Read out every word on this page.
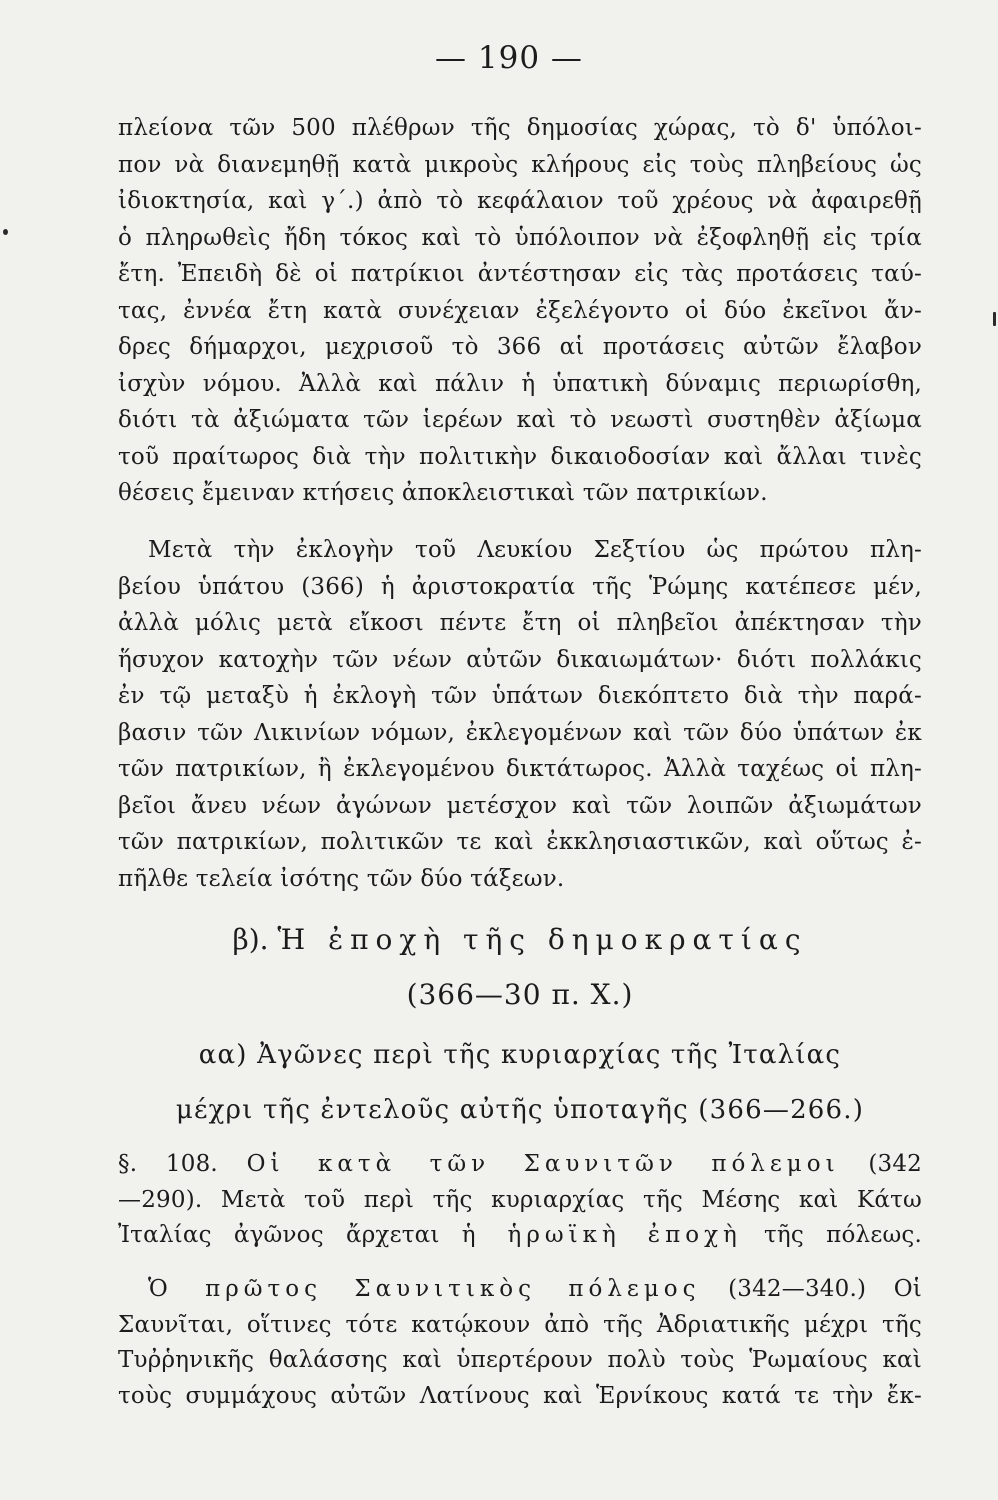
— 190 —
πλείονα τῶν 500 πλέθρων τῆς δημοσίας χώρας, τὸ δ' ὑπόλοι-
πον νὰ διανεμηθῇ κατὰ μικροὺς κλήρους εἰς τοὺς πληβείους ὡς
ἰδιοκτησία, καὶ γ΄.) ἀπὸ τὸ κεφάλαιον τοῦ χρέους νὰ ἀφαιρεθῇ
ὁ πληρωθεὶς ἤδη τόκος καὶ τὸ ὑπόλοιπον νὰ ἐξοφληθῇ εἰς τρία
ἔτη. Ἐπειδὴ δὲ οἱ πατρίκιοι ἀντέστησαν εἰς τὰς προτάσεις ταύ-
τας, ἐννέα ἔτη κατὰ συνέχειαν ἐξελέγοντο οἱ δύο ἐκεῖνοι ἄν-
δρες δήμαρχοι, μεχρισοῦ τὸ 366 αἱ προτάσεις αὐτῶν ἔλαβον
ἰσχὺν νόμου. Ἀλλὰ καὶ πάλιν ἡ ὑπατικὴ δύναμις περιωρίσθη,
διότι τὰ ἀξιώματα τῶν ἱερέων καὶ τὸ νεωστὶ συστηθὲν ἀξίωμα
τοῦ πραίτωρος διὰ τὴν πολιτικὴν δικαιοδοσίαν καὶ ἄλλαι τινὲς
θέσεις ἔμειναν κτήσεις ἀποκλειστικαὶ τῶν πατρικίων.
Μετὰ τὴν ἐκλογὴν τοῦ Λευκίου Σεξτίου ὡς πρώτου πλη-
βείου ὑπάτου (366) ἡ ἀριστοκρατία τῆς Ῥώμης κατέπεσε μέν,
ἀλλὰ μόλις μετὰ εἴκοσι πέντε ἔτη οἱ πληβεῖοι ἀπέκτησαν τὴν
ἥσυχον κατοχὴν τῶν νέων αὐτῶν δικαιωμάτων· διότι πολλάκις
ἐν τῷ μεταξὺ ἡ ἐκλογὴ τῶν ὑπάτων διεκόπτετο διὰ τὴν παρά-
βασιν τῶν Λικινίων νόμων, ἐκλεγομένων καὶ τῶν δύο ὑπάτων ἐκ
τῶν πατρικίων, ἢ ἐκλεγομένου δικτάτωρος. Ἀλλὰ ταχέως οἱ πλη-
βεῖοι ἄνευ νέων ἀγώνων μετέσχον καὶ τῶν λοιπῶν ἀξιωμάτων
τῶν πατρικίων, πολιτικῶν τε καὶ ἐκκλησιαστικῶν, καὶ οὕτως ἐ-
πῆλθε τελεία ἰσότης τῶν δύο τάξεων.
β). Ἡ ἐποχὴ τῆς δημοκρατίας
(366—30 π. Χ.)
αα) Ἀγῶνες περὶ τῆς κυριαρχίας τῆς Ἰταλίας
μέχρι τῆς ἐντελοῦς αὐτῆς ὑποταγῆς (366—266.)
§. 108. Οἱ κατὰ τῶν Σαυνιτῶν πόλεμοι (342
—290). Μετὰ τοῦ περὶ τῆς κυριαρχίας τῆς Μέσης καὶ Κάτω
Ἰταλίας ἀγῶνος ἄρχεται ἡ ἡρωϊκὴ ἐποχὴ τῆς πόλεως.
Ὁ πρῶτος Σαυνιτικὸς πόλεμος (342—340.) Οἱ
Σαυνῖται, οἵτινες τότε κατῴκουν ἀπὸ τῆς Ἀδριατικῆς μέχρι τῆς
Τυῤῥηνικῆς θαλάσσης καὶ ὑπερτέρουν πολὺ τοὺς Ῥωμαίους καὶ
τοὺς συμμάχους αὐτῶν Λατίνους καὶ Ἑρνίκους κατά τε τὴν ἔκ-
